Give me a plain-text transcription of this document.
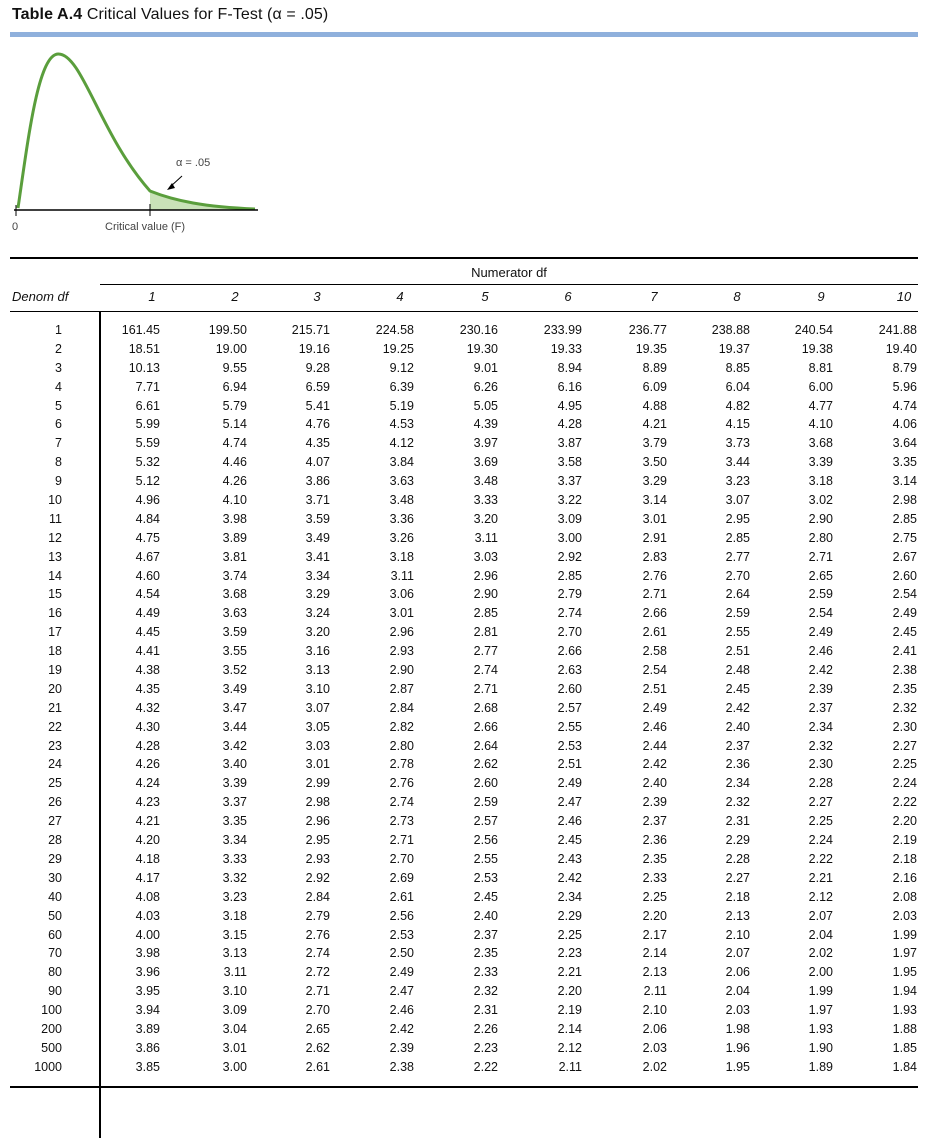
Table A.4 Critical Values for F-Test (α = .05)
α = .05
0	Critical value (F)
Numerator df
Denom df	1	2	3	4	5	6	7	8	9	10
1	161.45	199.50	215.71	224.58	230.16	233.99	236.77	238.88	240.54	241.88
2	18.51	19.00	19.16	19.25	19.30	19.33	19.35	19.37	19.38	19.40
3	10.13	9.55	9.28	9.12	9.01	8.94	8.89	8.85	8.81	8.79
4	7.71	6.94	6.59	6.39	6.26	6.16	6.09	6.04	6.00	5.96
5	6.61	5.79	5.41	5.19	5.05	4.95	4.88	4.82	4.77	4.74
6	5.99	5.14	4.76	4.53	4.39	4.28	4.21	4.15	4.10	4.06
7	5.59	4.74	4.35	4.12	3.97	3.87	3.79	3.73	3.68	3.64
8	5.32	4.46	4.07	3.84	3.69	3.58	3.50	3.44	3.39	3.35
9	5.12	4.26	3.86	3.63	3.48	3.37	3.29	3.23	3.18	3.14
10	4.96	4.10	3.71	3.48	3.33	3.22	3.14	3.07	3.02	2.98
11	4.84	3.98	3.59	3.36	3.20	3.09	3.01	2.95	2.90	2.85
12	4.75	3.89	3.49	3.26	3.11	3.00	2.91	2.85	2.80	2.75
13	4.67	3.81	3.41	3.18	3.03	2.92	2.83	2.77	2.71	2.67
14	4.60	3.74	3.34	3.11	2.96	2.85	2.76	2.70	2.65	2.60
15	4.54	3.68	3.29	3.06	2.90	2.79	2.71	2.64	2.59	2.54
16	4.49	3.63	3.24	3.01	2.85	2.74	2.66	2.59	2.54	2.49
17	4.45	3.59	3.20	2.96	2.81	2.70	2.61	2.55	2.49	2.45
18	4.41	3.55	3.16	2.93	2.77	2.66	2.58	2.51	2.46	2.41
19	4.38	3.52	3.13	2.90	2.74	2.63	2.54	2.48	2.42	2.38
20	4.35	3.49	3.10	2.87	2.71	2.60	2.51	2.45	2.39	2.35
21	4.32	3.47	3.07	2.84	2.68	2.57	2.49	2.42	2.37	2.32
22	4.30	3.44	3.05	2.82	2.66	2.55	2.46	2.40	2.34	2.30
23	4.28	3.42	3.03	2.80	2.64	2.53	2.44	2.37	2.32	2.27
24	4.26	3.40	3.01	2.78	2.62	2.51	2.42	2.36	2.30	2.25
25	4.24	3.39	2.99	2.76	2.60	2.49	2.40	2.34	2.28	2.24
26	4.23	3.37	2.98	2.74	2.59	2.47	2.39	2.32	2.27	2.22
27	4.21	3.35	2.96	2.73	2.57	2.46	2.37	2.31	2.25	2.20
28	4.20	3.34	2.95	2.71	2.56	2.45	2.36	2.29	2.24	2.19
29	4.18	3.33	2.93	2.70	2.55	2.43	2.35	2.28	2.22	2.18
30	4.17	3.32	2.92	2.69	2.53	2.42	2.33	2.27	2.21	2.16
40	4.08	3.23	2.84	2.61	2.45	2.34	2.25	2.18	2.12	2.08
50	4.03	3.18	2.79	2.56	2.40	2.29	2.20	2.13	2.07	2.03
60	4.00	3.15	2.76	2.53	2.37	2.25	2.17	2.10	2.04	1.99
70	3.98	3.13	2.74	2.50	2.35	2.23	2.14	2.07	2.02	1.97
80	3.96	3.11	2.72	2.49	2.33	2.21	2.13	2.06	2.00	1.95
90	3.95	3.10	2.71	2.47	2.32	2.20	2.11	2.04	1.99	1.94
100	3.94	3.09	2.70	2.46	2.31	2.19	2.10	2.03	1.97	1.93
200	3.89	3.04	2.65	2.42	2.26	2.14	2.06	1.98	1.93	1.88
500	3.86	3.01	2.62	2.39	2.23	2.12	2.03	1.96	1.90	1.85
1000	3.85	3.00	2.61	2.38	2.22	2.11	2.02	1.95	1.89	1.84
